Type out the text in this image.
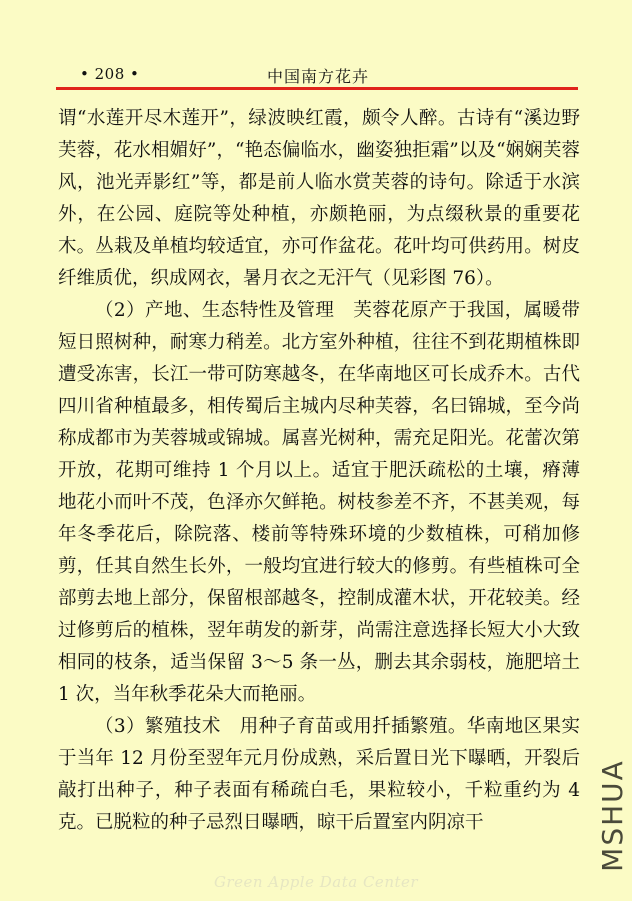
• 208 •	中国南方花卉

谓“水莲开尽木莲开”，绿波映红霞，颇令人醉。古诗有“溪边野芙蓉，花水相媚好”，“艳态偏临水，幽姿独拒霜”以及“娴娴芙蓉风，池光弄影红”等，都是前人临水赏芙蓉的诗句。除适于水滨外，在公园、庭院等处种植，亦颇艳丽，为点缀秋景的重要花木。丛栽及单植均较适宜，亦可作盆花。花叶均可供药用。树皮纤维质优，织成网衣，暑月衣之无汗气（见彩图 76）。

（2）产地、生态特性及管理　芙蓉花原产于我国，属暖带短日照树种，耐寒力稍差。北方室外种植，往往不到花期植株即遭受冻害，长江一带可防寒越冬，在华南地区可长成乔木。古代四川省种植最多，相传蜀后主城内尽种芙蓉，名曰锦城，至今尚称成都市为芙蓉城或锦城。属喜光树种，需充足阳光。花蕾次第开放，花期可维持 1 个月以上。适宜于肥沃疏松的土壤，瘠薄地花小而叶不茂，色泽亦欠鲜艳。树枝参差不齐，不甚美观，每年冬季花后，除院落、楼前等特殊环境的少数植株，可稍加修剪，任其自然生长外，一般均宜进行较大的修剪。有些植株可全部剪去地上部分，保留根部越冬，控制成灌木状，开花较美。经过修剪后的植株，翌年萌发的新芽，尚需注意选择长短大小大致相同的枝条，适当保留 3～5 条一丛，删去其余弱枝，施肥培土 1 次，当年秋季花朵大而艳丽。

（3）繁殖技术　用种子育苗或用扦插繁殖。华南地区果实于当年 12 月份至翌年元月份成熟，采后置日光下曝晒，开裂后敲打出种子，种子表面有稀疏白毛，果粒较小，千粒重约为 4 克。已脱粒的种子忌烈日曝晒，晾干后置室内阴凉干

Green Apple Data Center
MSHUA
